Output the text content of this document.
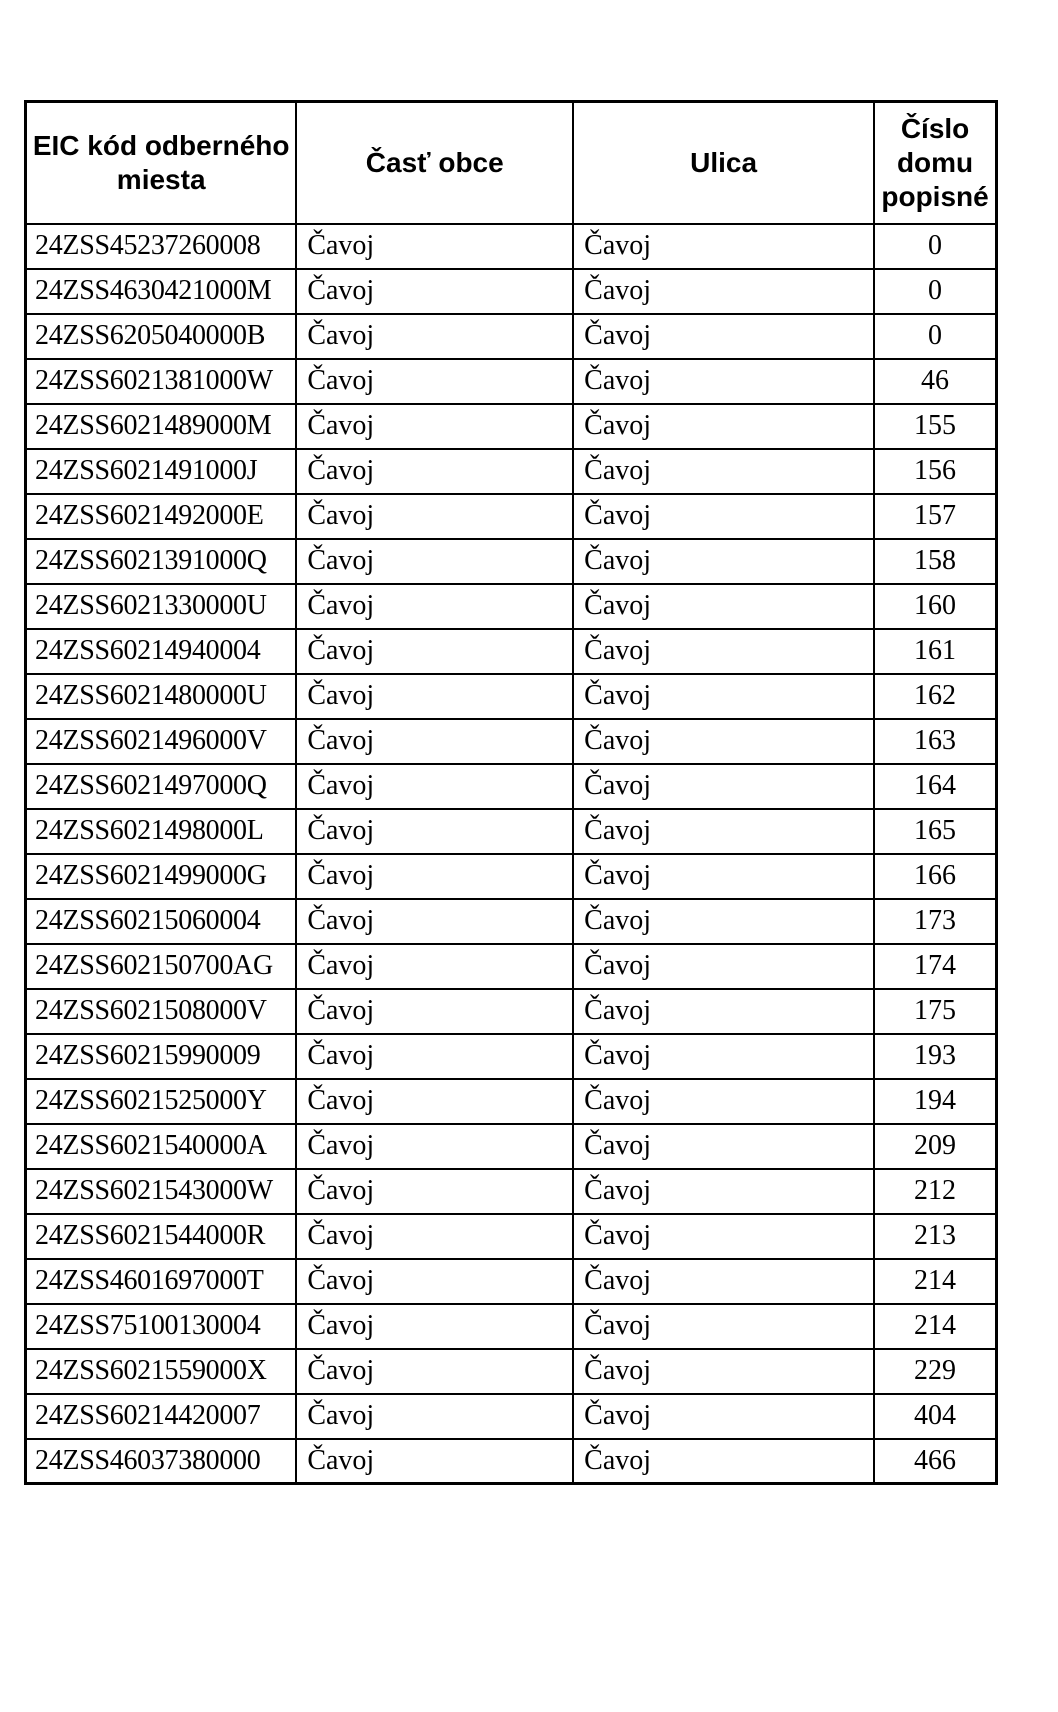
EIC kód odberného miesta	Časť obce	Ulica	Číslo domu popisné
24ZSS45237260008	Čavoj	Čavoj	0
24ZSS4630421000M	Čavoj	Čavoj	0
24ZSS6205040000B	Čavoj	Čavoj	0
24ZSS6021381000W	Čavoj	Čavoj	46
24ZSS6021489000M	Čavoj	Čavoj	155
24ZSS6021491000J	Čavoj	Čavoj	156
24ZSS6021492000E	Čavoj	Čavoj	157
24ZSS6021391000Q	Čavoj	Čavoj	158
24ZSS6021330000U	Čavoj	Čavoj	160
24ZSS60214940004	Čavoj	Čavoj	161
24ZSS6021480000U	Čavoj	Čavoj	162
24ZSS6021496000V	Čavoj	Čavoj	163
24ZSS6021497000Q	Čavoj	Čavoj	164
24ZSS6021498000L	Čavoj	Čavoj	165
24ZSS6021499000G	Čavoj	Čavoj	166
24ZSS60215060004	Čavoj	Čavoj	173
24ZSS602150700AG	Čavoj	Čavoj	174
24ZSS6021508000V	Čavoj	Čavoj	175
24ZSS60215990009	Čavoj	Čavoj	193
24ZSS6021525000Y	Čavoj	Čavoj	194
24ZSS6021540000A	Čavoj	Čavoj	209
24ZSS6021543000W	Čavoj	Čavoj	212
24ZSS6021544000R	Čavoj	Čavoj	213
24ZSS4601697000T	Čavoj	Čavoj	214
24ZSS75100130004	Čavoj	Čavoj	214
24ZSS6021559000X	Čavoj	Čavoj	229
24ZSS60214420007	Čavoj	Čavoj	404
24ZSS46037380000	Čavoj	Čavoj	466
